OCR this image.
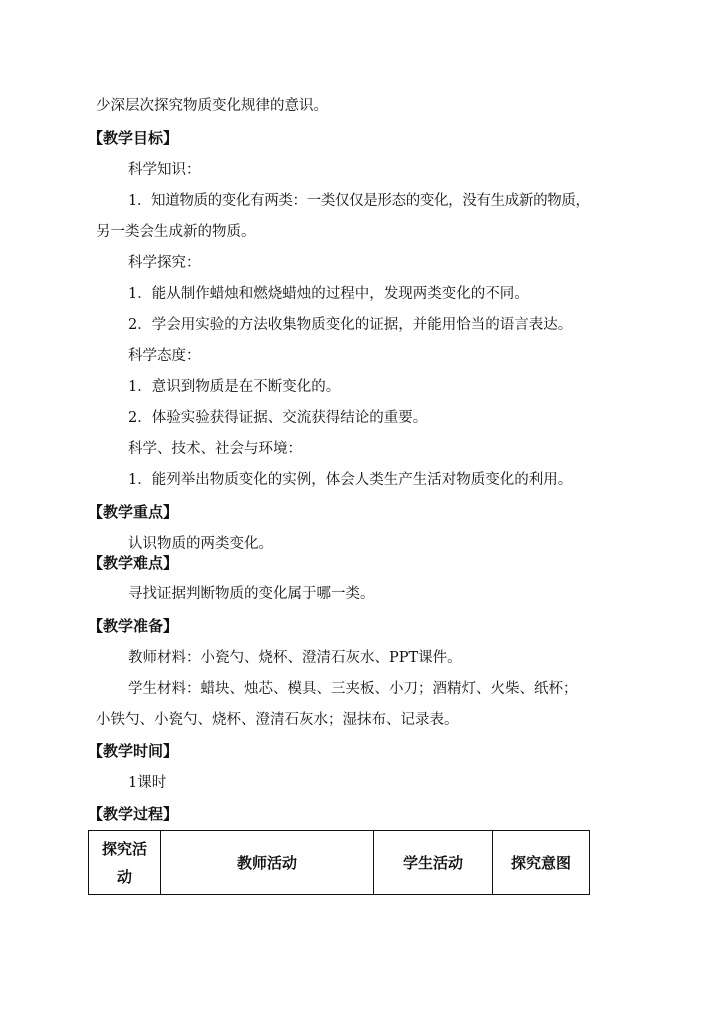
少深层次探究物质变化规律的意识。
【教学目标】
科学知识：
1．知道物质的变化有两类：一类仅仅是形态的变化，没有生成新的物质，
另一类会生成新的物质。
科学探究：
1．能从制作蜡烛和燃烧蜡烛的过程中，发现两类变化的不同。
2．学会用实验的方法收集物质变化的证据，并能用恰当的语言表达。
科学态度：
1．意识到物质是在不断变化的。
2．体验实验获得证据、交流获得结论的重要。
科学、技术、社会与环境：
1．能列举出物质变化的实例，体会人类生产生活对物质变化的利用。
【教学重点】
认识物质的两类变化。
【教学难点】
寻找证据判断物质的变化属于哪一类。
【教学准备】
教师材料：小瓷勺、烧杯、澄清石灰水、PPT课件。
学生材料：蜡块、烛芯、模具、三夹板、小刀；酒精灯、火柴、纸杯；
小铁勺、小瓷勺、烧杯、澄清石灰水；湿抹布、记录表。
【教学时间】
1课时
【教学过程】
探究活
动	教师活动	学生活动	探究意图
